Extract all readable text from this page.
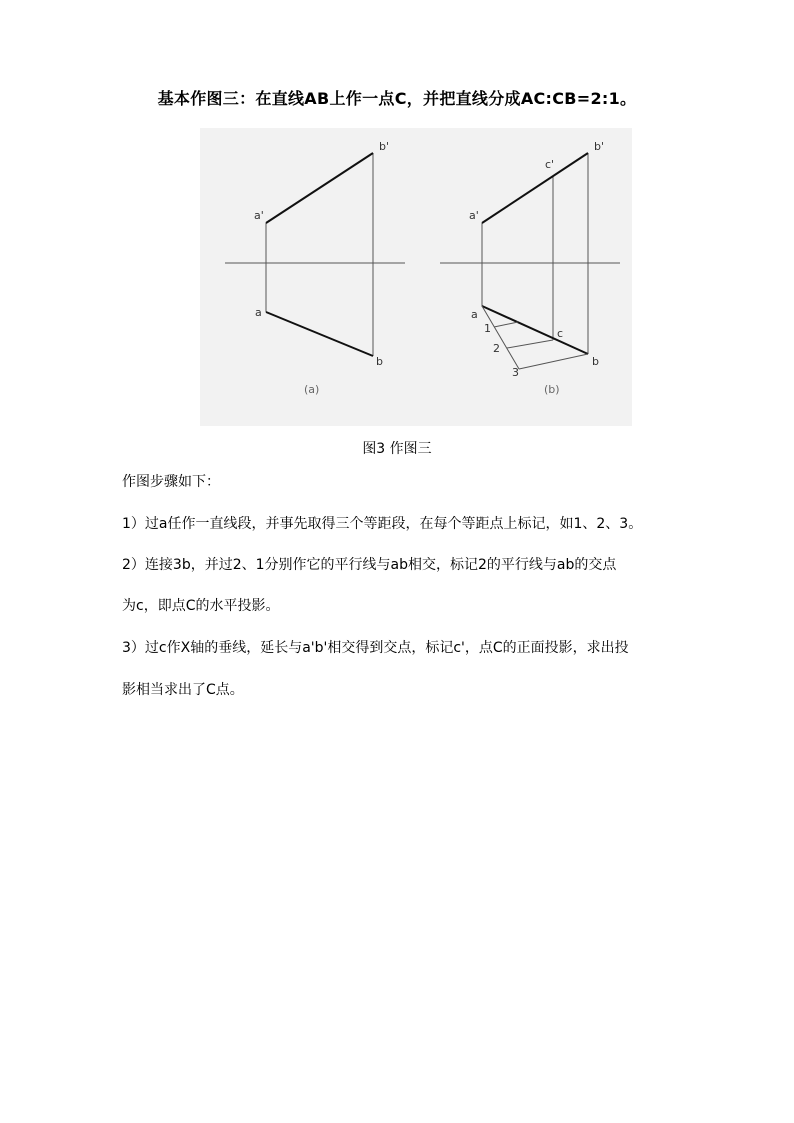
基本作图三：在直线AB上作一点C，并把直线分成AC:CB=2:1。
a'
b'
a
b
(a)
a'
b'
c'
a
c
b
1
2
3
(b)
图3 作图三
作图步骤如下：
1）过a任作一直线段，并事先取得三个等距段，在每个等距点上标记，如1、2、3。
2）连接3b，并过2、1分别作它的平行线与ab相交，标记2的平行线与ab的交点
为c，即点C的水平投影。
3）过c作X轴的垂线，延长与a'b'相交得到交点，标记c'，点C的正面投影，求出投
影相当求出了C点。
